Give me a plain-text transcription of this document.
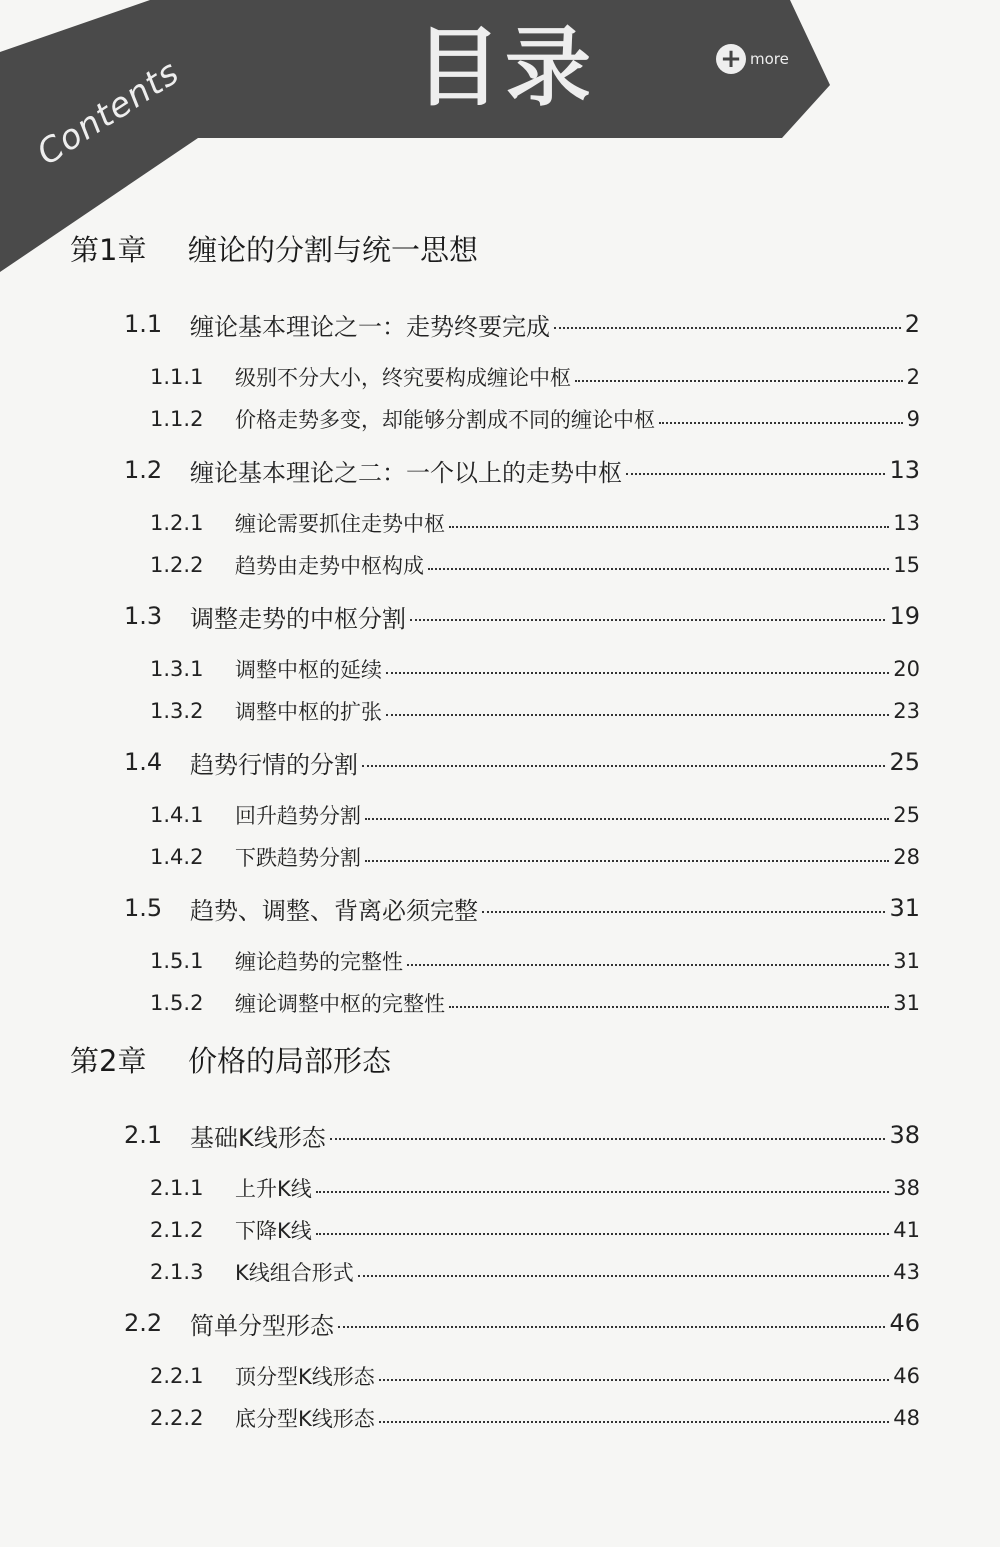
目录	+ more
Contents
第1章	缠论的分割与统一思想
1.1	缠论基本理论之一：走势终要完成	2
1.1.1	级别不分大小，终究要构成缠论中枢	2
1.1.2	价格走势多变，却能够分割成不同的缠论中枢	9
1.2	缠论基本理论之二：一个以上的走势中枢	13
1.2.1	缠论需要抓住走势中枢	13
1.2.2	趋势由走势中枢构成	15
1.3	调整走势的中枢分割	19
1.3.1	调整中枢的延续	20
1.3.2	调整中枢的扩张	23
1.4	趋势行情的分割	25
1.4.1	回升趋势分割	25
1.4.2	下跌趋势分割	28
1.5	趋势、调整、背离必须完整	31
1.5.1	缠论趋势的完整性	31
1.5.2	缠论调整中枢的完整性	31
第2章	价格的局部形态
2.1	基础K线形态	38
2.1.1	上升K线	38
2.1.2	下降K线	41
2.1.3	K线组合形式	43
2.2	简单分型形态	46
2.2.1	顶分型K线形态	46
2.2.2	底分型K线形态	48
